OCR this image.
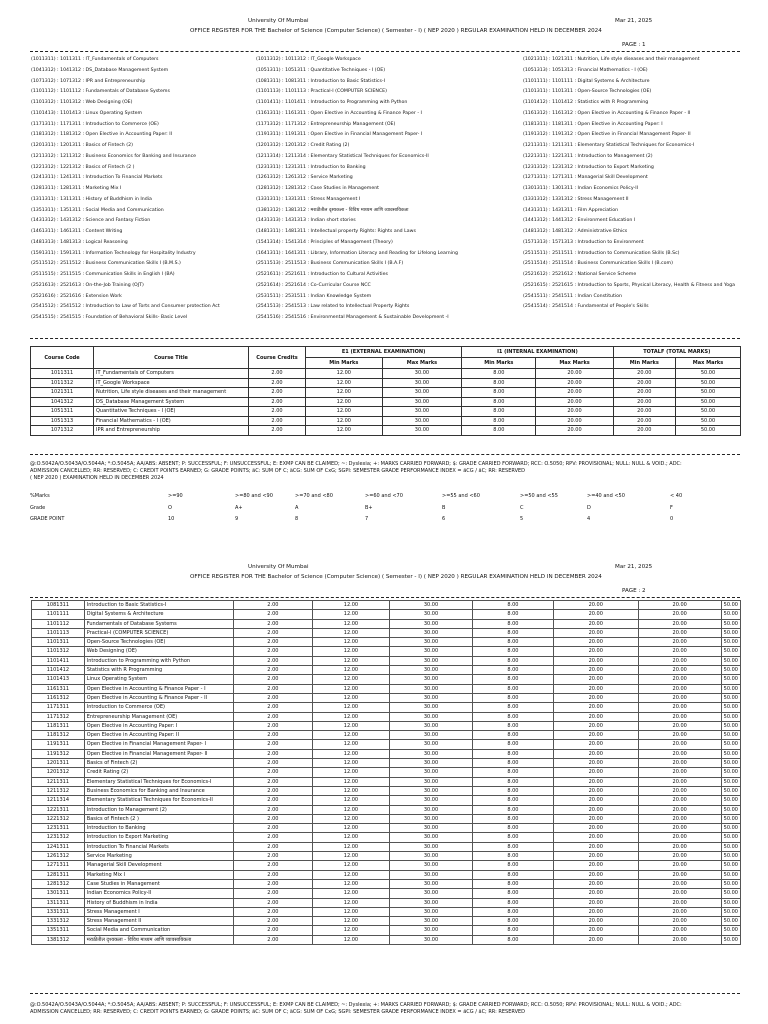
University Of Mumbai	Mar 21, 2025
OFFICE REGISTER FOR THE Bachelor of Science (Computer Science) ( Semester - I) ( NEP 2020 ) REGULAR EXAMINATION HELD IN DECEMBER 2024
PAGE : 1
(1011311) : 1011311 : IT_Fundamentals of Computers
(1041312) : 1041312 : DS_Database Management System
(1071312) : 1071312 : IPR and Entrepreneurship
(1101112) : 1101112 : Fundamentals of Database Systems
(1101312) : 1101312 : Web Designing (OE)
(1101413) : 1101413 : Linux Operating System
(1171311) : 1171311 : Introduction to Commerce (OE)
(1181312) : 1181312 : Open Elective in Accounting Paper: II
(1201311) : 1201311 : Basics of Fintech (2)
(1211312) : 1211312 : Business Economics for Banking and Insurance
(1221312) : 1221312 : Basics of Fintech (2 )
(1241311) : 1241311 : Introduction To Financial Markets
(1281311) : 1281311 : Marketing Mix I
(1311311) : 1311311 : History of Buddhism in India
(1351311) : 1351311 : Social Media and Communication
(1431312) : 1431312 : Science and Fantasy Fiction
(1461311) : 1461311 : Content Writing
(1481313) : 1481313 : Logical Reasoning
(1591311) : 1591311 : Information Technology for Hospitality Industry
(2511512) : 2511512 : Business Communication Skills I (B.M.S.)
(2511515) : 2511515 : Communication Skills in English I (BA)
(2521613) : 2521613 : On-the-Job Training (OJT)
(2521616) : 2521616 : Extension Work
(2541512) : 2541512 : Introduction to Law of Torts and Consumer protection Act
(2541515) : 2541515 : Foundation of Behavioral Skills- Basic Level
(1011312) : 1011312 : IT_Google Workspace
(1051311) : 1051311 : Quantitative Techniques - I (OE)
(1081311) : 1081311 : Introduction to Basic Statistics-I
(1101113) : 1101113 : Practical-I (COMPUTER SCIENCE)
(1101411) : 1101411 : Introduction to Programming with Python
(1161311) : 1161311 : Open Elective in Accounting & Finance Paper - I
(1171312) : 1171312 : Entrepreneurship Management (OE)
(1191311) : 1191311 : Open Elective in Financial Management Paper- I
(1201312) : 1201312 : Credit Rating (2)
(1211314) : 1211314 : Elementary Statistical Techniques for Economics-II
(1231311) : 1231311 : Introduction to Banking
(1261312) : 1261312 : Service Marketing
(1281312) : 1281312 : Case Studies in Management
(1331311) : 1331311 : Stress Management I
(1381312) : 1381312 : मराठीतील दृश्यकला - विविध माध्यम आणि व्यावसायिकता
(1431313) : 1431313 : Indian short stories
(1481311) : 1481311 : Intellectual property Rights: Rights and Laws
(1541314) : 1541314 : Principles of Management (Theory)
(1641311) : 1641311 : Library, Information Literacy and Reading for Lifelong Learning
(2511513) : 2511513 : Business Communication Skills I (B.A.F)
(2521611) : 2521611 : Introduction to Cultural Activities
(2521614) : 2521614 : Co-Curricular Course NCC
(2531511) : 2531511 : Indian Knowledge System
(2541513) : 2541513 : Law related to Intellectual Property Rights
(2541516) : 2541516 : Environmental Management & Sustainable Development -I
(1021311) : 1021311 : Nutrition, Life style diseases and their management
(1051313) : 1051313 : Financial Mathematics - I (OE)
(1101111) : 1101111 : Digital Systems & Architecture
(1101311) : 1101311 : Open-Source Technologies (OE)
(1101412) : 1101412 : Statistics with R Programming
(1161312) : 1161312 : Open Elective in Accounting & Finance Paper - II
(1181311) : 1181311 : Open Elective in Accounting Paper: I
(1191312) : 1191312 : Open Elective in Financial Management Paper- II
(1211311) : 1211311 : Elementary Statistical Techniques for Economics-I
(1221311) : 1221311 : Introduction to Management (2)
(1231312) : 1231312 : Introduction to Export Marketing
(1271311) : 1271311 : Managerial Skill Development
(1301311) : 1301311 : Indian Economics Policy-II
(1331312) : 1331312 : Stress Management II
(1431311) : 1431311 : Film Appreciation
(1441312) : 1441312 : Environment Education I
(1481312) : 1481312 : Administrative Ethics
(1571313) : 1571313 : Introduction to Environment
(2511511) : 2511511 : Introduction to Communication Skills (B.Sc)
(2511514) : 2511514 : Business Communication Skills I (B.com)
(2521612) : 2521612 : National Service Scheme
(2521615) : 2521615 : Introduction to Sports, Physical Literacy, Health & Fitness and Yoga
(2541511) : 2541511 : Indian Constitution
(2541514) : 2541514 : Fundamental of People's Skills
Course Code	Course Title	Course Credits	E1 (EXTERNAL EXAMINATION)		I1 (INTERNAL EXAMINATION)		TOTALF (TOTAL MARKS)	
			Min Marks	Max Marks	Min Marks	Max Marks	Min Marks	Max Marks
1011311	IT_Fundamentals of Computers	2.00	12.00	30.00	8.00	20.00	20.00	50.00
1011312	IT_Google Workspace	2.00	12.00	30.00	8.00	20.00	20.00	50.00
1021311	Nutrition, Life style diseases and their management	2.00	12.00	30.00	8.00	20.00	20.00	50.00
1041312	DS_Database Management System	2.00	12.00	30.00	8.00	20.00	20.00	50.00
1051311	Quantitative Techniques - I (OE)	2.00	12.00	30.00	8.00	20.00	20.00	50.00
1051313	Financial Mathematics - I (OE)	2.00	12.00	30.00	8.00	20.00	20.00	50.00
1071312	IPR and Entrepreneurship	2.00	12.00	30.00	8.00	20.00	20.00	50.00
@:O.5042A/O.5043A/O.5044A; *:O.5045A; AA/ABS: ABSENT; P: SUCCESSFUL; F: UNSUCCESSFUL; E: EXMP CAN BE CLAIMED; ~: Dyslexia; +: MARKS CARRIED FORWARD; $: GRADE CARRIED FORWARD; RCC: O.5050; RPV: PROVISIONAL; NULL: NULL & VOID.; ADC:
ADMISSION CANCELLED; RR: RESERVED; C: CREDIT POINTS EARNED; G: GRADE POINTS; äC: SUM OF C; äCG: SUM OF CxG; SGPI: SEMESTER GRADE PERFORMANCE INDEX = äCG / äC; RR: RESERVED
( NEP 2020 ) EXAMINATION HELD IN DECEMBER 2024
%Marks	>=90	>=80 and <90	>=70 and <80	>=60 and <70	>=55 and <60	>=50 and <55	>=40 and <50	< 40
Grade	O	A+	A	B+	B	C	D	F
GRADE POINT	10	9	8	7	6	5	4	0
University Of Mumbai	Mar 21, 2025
OFFICE REGISTER FOR THE Bachelor of Science (Computer Science) ( Semester - I) ( NEP 2020 ) REGULAR EXAMINATION HELD IN DECEMBER 2024
PAGE : 2
1081311	Introduction to Basic Statistics-I	2.00	12.00	30.00	8.00	20.00	20.00	50.00
1101111	Digital Systems & Architecture	2.00	12.00	30.00	8.00	20.00	20.00	50.00
1101112	Fundamentals of Database Systems	2.00	12.00	30.00	8.00	20.00	20.00	50.00
1101113	Practical-I (COMPUTER SCIENCE)	2.00	12.00	30.00	8.00	20.00	20.00	50.00
1101311	Open-Source Technologies (OE)	2.00	12.00	30.00	8.00	20.00	20.00	50.00
1101312	Web Designing (OE)	2.00	12.00	30.00	8.00	20.00	20.00	50.00
1101411	Introduction to Programming with Python	2.00	12.00	30.00	8.00	20.00	20.00	50.00
1101412	Statistics with R Programming	2.00	12.00	30.00	8.00	20.00	20.00	50.00
1101413	Linux Operating System	2.00	12.00	30.00	8.00	20.00	20.00	50.00
1161311	Open Elective in Accounting & Finance Paper - I	2.00	12.00	30.00	8.00	20.00	20.00	50.00
1161312	Open Elective in Accounting & Finance Paper - II	2.00	12.00	30.00	8.00	20.00	20.00	50.00
1171311	Introduction to Commerce (OE)	2.00	12.00	30.00	8.00	20.00	20.00	50.00
1171312	Entrepreneurship Management (OE)	2.00	12.00	30.00	8.00	20.00	20.00	50.00
1181311	Open Elective in Accounting Paper: I	2.00	12.00	30.00	8.00	20.00	20.00	50.00
1181312	Open Elective in Accounting Paper: II	2.00	12.00	30.00	8.00	20.00	20.00	50.00
1191311	Open Elective in Financial Management Paper- I	2.00	12.00	30.00	8.00	20.00	20.00	50.00
1191312	Open Elective in Financial Management Paper- II	2.00	12.00	30.00	8.00	20.00	20.00	50.00
1201311	Basics of Fintech (2)	2.00	12.00	30.00	8.00	20.00	20.00	50.00
1201312	Credit Rating (2)	2.00	12.00	30.00	8.00	20.00	20.00	50.00
1211311	Elementary Statistical Techniques for Economics-I	2.00	12.00	30.00	8.00	20.00	20.00	50.00
1211312	Business Economics for Banking and Insurance	2.00	12.00	30.00	8.00	20.00	20.00	50.00
1211314	Elementary Statistical Techniques for Economics-II	2.00	12.00	30.00	8.00	20.00	20.00	50.00
1221311	Introduction to Management (2)	2.00	12.00	30.00	8.00	20.00	20.00	50.00
1221312	Basics of Fintech (2 )	2.00	12.00	30.00	8.00	20.00	20.00	50.00
1231311	Introduction to Banking	2.00	12.00	30.00	8.00	20.00	20.00	50.00
1231312	Introduction to Export Marketing	2.00	12.00	30.00	8.00	20.00	20.00	50.00
1241311	Introduction To Financial Markets	2.00	12.00	30.00	8.00	20.00	20.00	50.00
1261312	Service Marketing	2.00	12.00	30.00	8.00	20.00	20.00	50.00
1271311	Managerial Skill Development	2.00	12.00	30.00	8.00	20.00	20.00	50.00
1281311	Marketing Mix I	2.00	12.00	30.00	8.00	20.00	20.00	50.00
1281312	Case Studies in Management	2.00	12.00	30.00	8.00	20.00	20.00	50.00
1301311	Indian Economics Policy-II	2.00	12.00	30.00	8.00	20.00	20.00	50.00
1311311	History of Buddhism in India	2.00	12.00	30.00	8.00	20.00	20.00	50.00
1331311	Stress Management I	2.00	12.00	30.00	8.00	20.00	20.00	50.00
1331312	Stress Management II	2.00	12.00	30.00	8.00	20.00	20.00	50.00
1351311	Social Media and Communication	2.00	12.00	30.00	8.00	20.00	20.00	50.00
1381312	मराठीतील दृश्यकला - विविध माध्यम आणि व्यावसायिकता	2.00	12.00	30.00	8.00	20.00	20.00	50.00
@:O.5042A/O.5043A/O.5044A; *:O.5045A; AA/ABS: ABSENT; P: SUCCESSFUL; F: UNSUCCESSFUL; E: EXMP CAN BE CLAIMED; ~: Dyslexia; +: MARKS CARRIED FORWARD; $: GRADE CARRIED FORWARD; RCC: O.5050; RPV: PROVISIONAL; NULL: NULL & VOID.; ADC:
ADMISSION CANCELLED; RR: RESERVED; C: CREDIT POINTS EARNED; G: GRADE POINTS; äC: SUM OF C; äCG: SUM OF CxG; SGPI: SEMESTER GRADE PERFORMANCE INDEX = äCG / äC; RR: RESERVED
